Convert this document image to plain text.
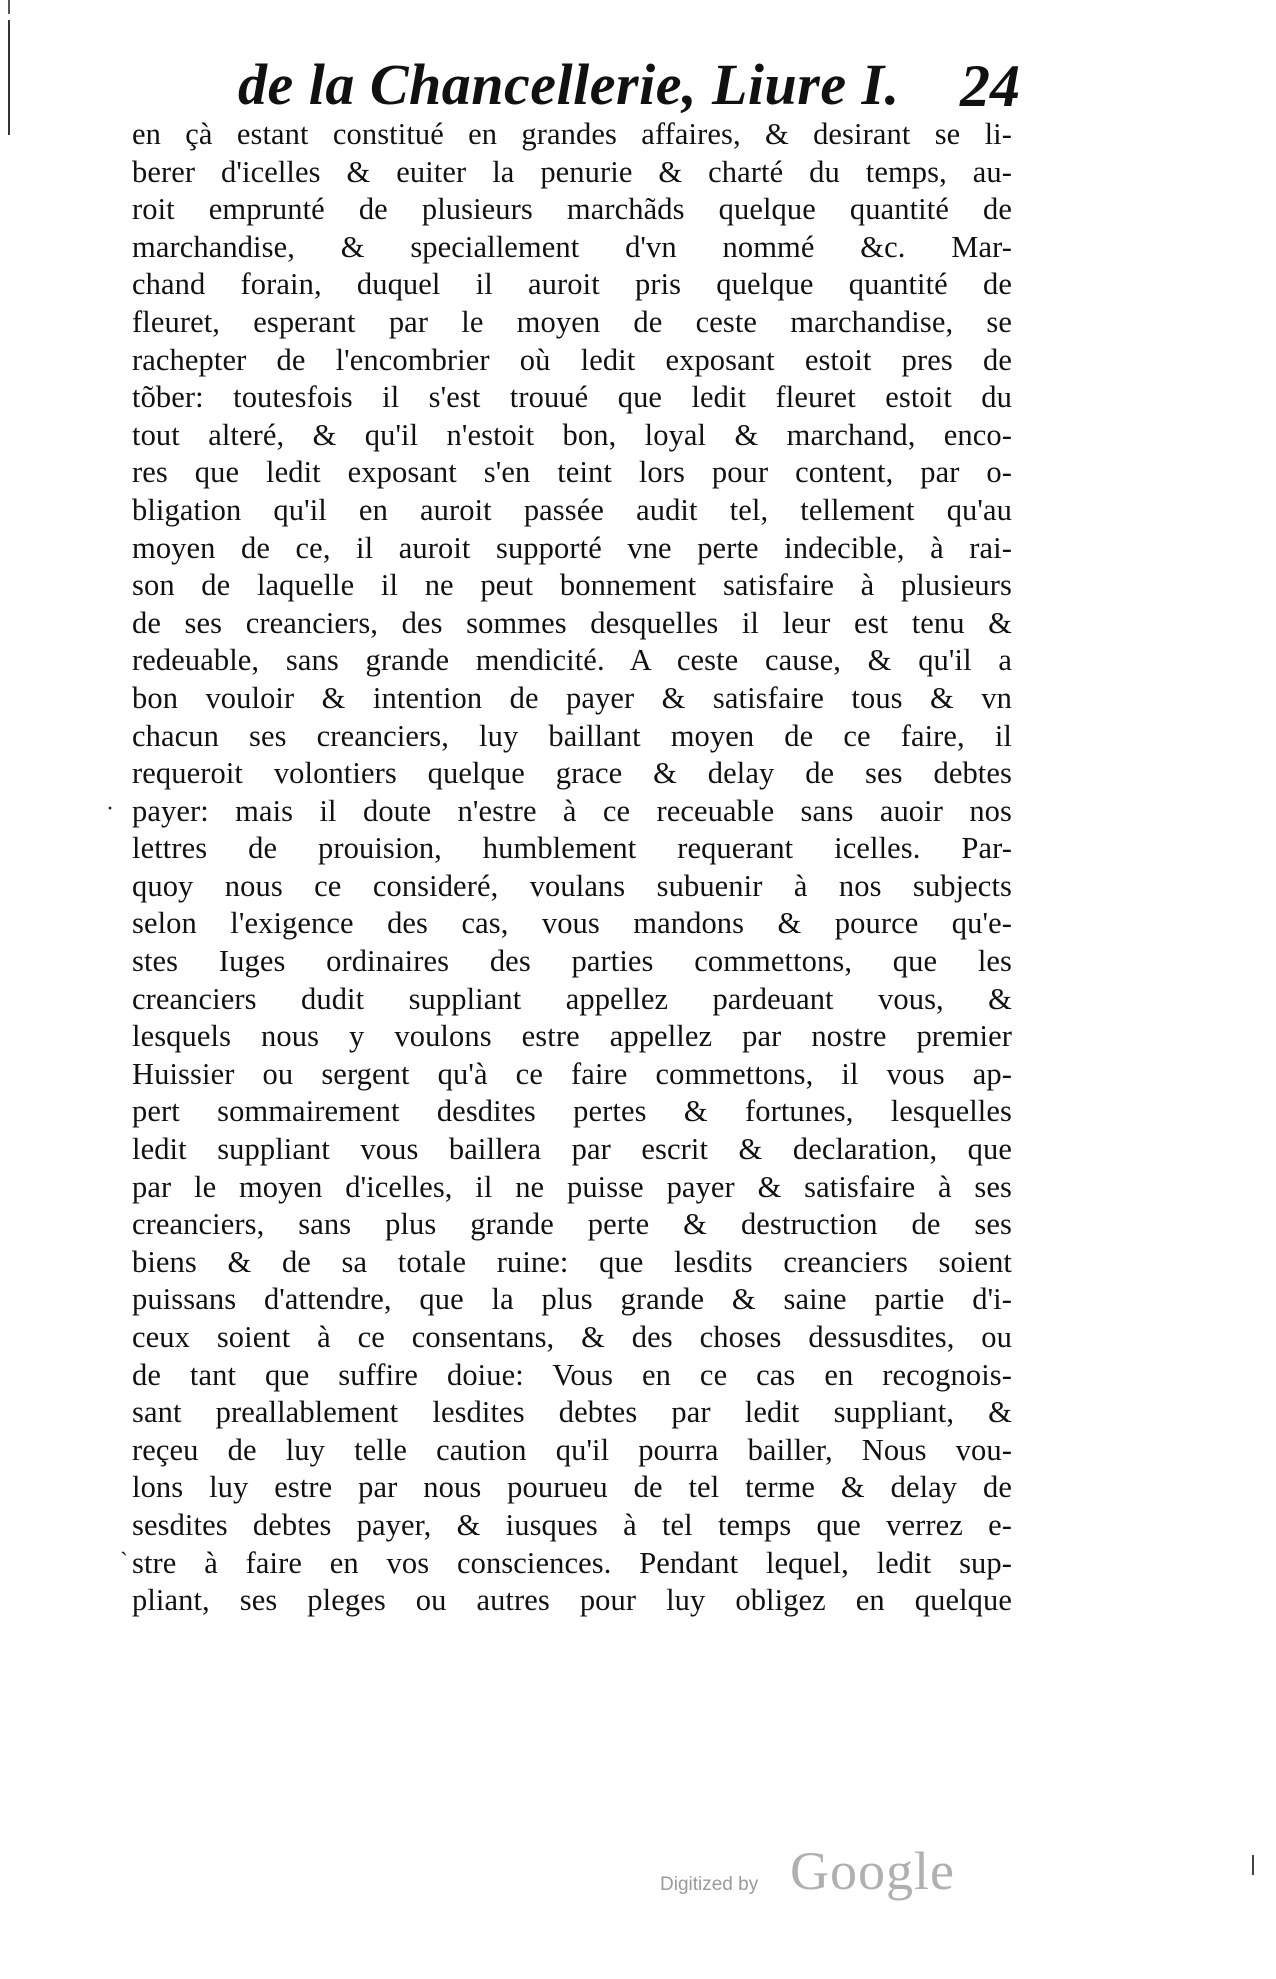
de la Chancellerie, Liure I. 24
en çà estant constitué en grandes affaires, & desirant se li-
berer d'icelles & euiter la penurie & charté du temps, au-
roit emprunté de plusieurs marchãds quelque quantité de
marchandise, & speciallement d'vn nommé &c. Mar-
chand forain, duquel il auroit pris quelque quantité de
fleuret, esperant par le moyen de ceste marchandise, se
rachepter de l'encombrier où ledit exposant estoit pres de
tõber: toutesfois il s'est trouué que ledit fleuret estoit du
tout alteré, & qu'il n'estoit bon, loyal & marchand, enco-
res que ledit exposant s'en teint lors pour content, par o-
bligation qu'il en auroit passée audit tel, tellement qu'au
moyen de ce, il auroit supporté vne perte indecible, à rai-
son de laquelle il ne peut bonnement satisfaire à plusieurs
de ses creanciers, des sommes desquelles il leur est tenu &
redeuable, sans grande mendicité. A ceste cause, & qu'il a
bon vouloir & intention de payer & satisfaire tous & vn
chacun ses creanciers, luy baillant moyen de ce faire, il
requeroit volontiers quelque grace & delay de ses debtes
payer: mais il doute n'estre à ce receuable sans auoir nos
lettres de prouision, humblement requerant icelles. Par-
quoy nous ce consideré, voulans subuenir à nos subjects
selon l'exigence des cas, vous mandons & pource qu'e-
stes Iuges ordinaires des parties commettons, que les
creanciers dudit suppliant appellez pardeuant vous, &
lesquels nous y voulons estre appellez par nostre premier
Huissier ou sergent qu'à ce faire commettons, il vous ap-
pert sommairement desdites pertes & fortunes, lesquelles
ledit suppliant vous baillera par escrit & declaration, que
par le moyen d'icelles, il ne puisse payer & satisfaire à ses
creanciers, sans plus grande perte & destruction de ses
biens & de sa totale ruine: que lesdits creanciers soient
puissans d'attendre, que la plus grande & saine partie d'i-
ceux soient à ce consentans, & des choses dessusdites, ou
de tant que suffire doiue: Vous en ce cas en recognois-
sant preallablement lesdites debtes par ledit suppliant, &
reçeu de luy telle caution qu'il pourra bailler, Nous vou-
lons luy estre par nous pourueu de tel terme & delay de
sesdites debtes payer, & iusques à tel temps que verrez e-
stre à faire en vos consciences. Pendant lequel, ledit sup-
pliant, ses pleges ou autres pour luy obligez en quelque
·
ˎ
Digitized by Google
